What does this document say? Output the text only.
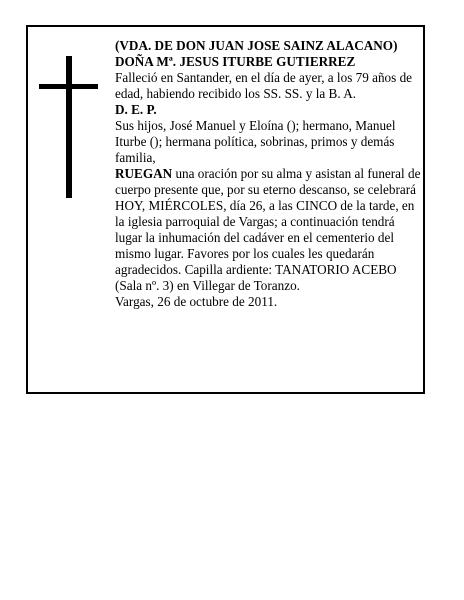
(VDA. DE DON JUAN JOSE SAINZ ALACANO)
DOÑA Mª. JESUS ITURBE GUTIERREZ
Falleció en Santander, en el día de ayer, a los 79 años de edad, habiendo recibido los SS. SS. y la B. A.
D. E. P.
Sus hijos, José Manuel y Eloína (); hermano, Manuel Iturbe (); hermana política, sobrinas, primos y demás familia,
RUEGAN una oración por su alma y asistan al funeral de cuerpo presente que, por su eterno descanso, se celebrará HOY, MIÉRCOLES, día 26, a las CINCO de la tarde, en la iglesia parroquial de Vargas; a continuación tendrá lugar la inhumación del cadáver en el cementerio del mismo lugar. Favores por los cuales les quedarán agradecidos. Capilla ardiente: TANATORIO ACEBO (Sala nº. 3) en Villegar de Toranzo.
Vargas, 26 de octubre de 2011.
